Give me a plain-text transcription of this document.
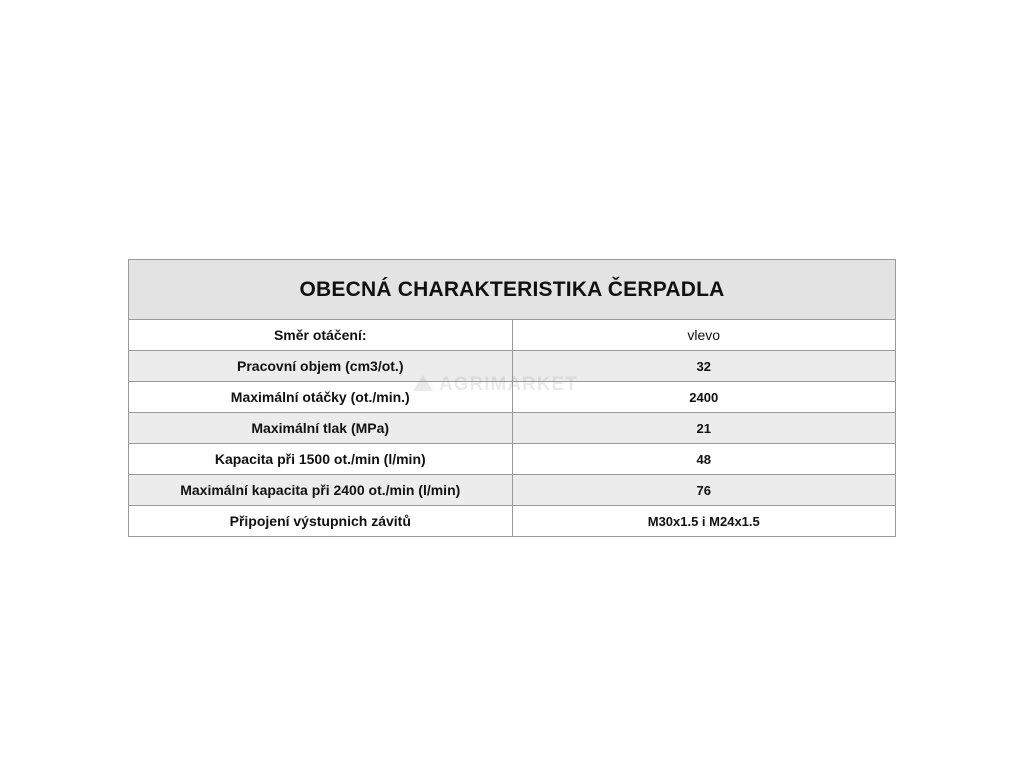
OBECNÁ CHARAKTERISTIKA ČERPADLA	
Směr otáčení:	vlevo
Pracovní objem (cm3/ot.)	32
Maximální otáčky (ot./min.)	2400
Maximální tlak (MPa)	21
Kapacita při 1500 ot./min (l/min)	48
Maximální kapacita při 2400 ot./min (l/min)	76
Připojení výstupnich závitů	M30x1.5 i M24x1.5
